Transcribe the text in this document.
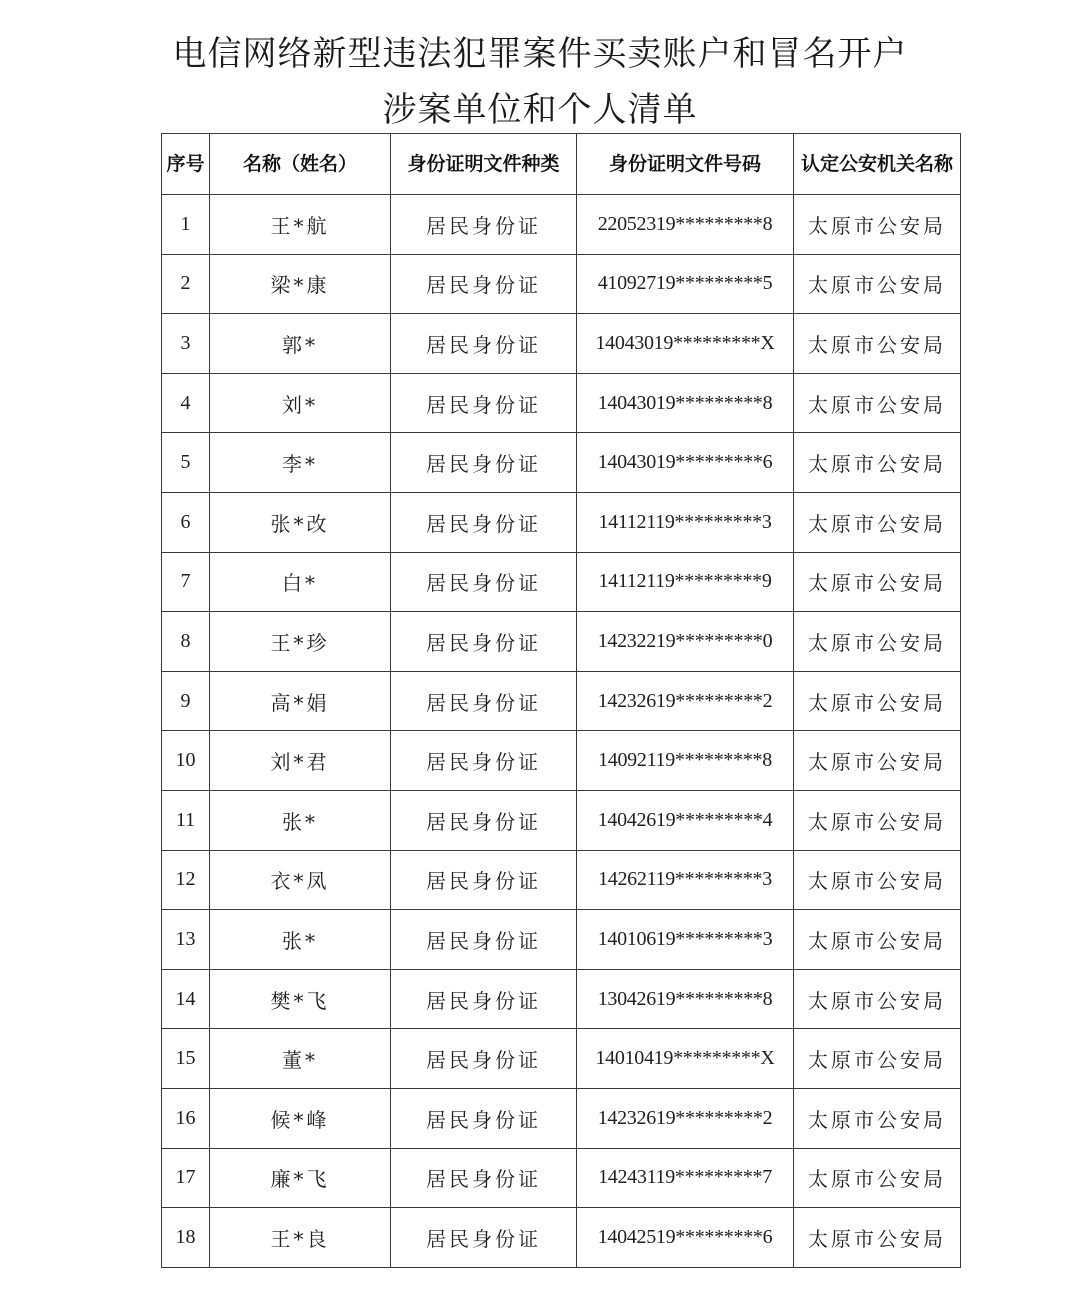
电信网络新型违法犯罪案件买卖账户和冒名开户
涉案单位和个人清单
序号	名称（姓名）	身份证明文件种类	身份证明文件号码	认定公安机关名称
1	王*航	居民身份证	22052319*********8	太原市公安局
2	梁*康	居民身份证	41092719*********5	太原市公安局
3	郭*	居民身份证	14043019*********X	太原市公安局
4	刘*	居民身份证	14043019*********8	太原市公安局
5	李*	居民身份证	14043019*********6	太原市公安局
6	张*改	居民身份证	14112119*********3	太原市公安局
7	白*	居民身份证	14112119*********9	太原市公安局
8	王*珍	居民身份证	14232219*********0	太原市公安局
9	高*娟	居民身份证	14232619*********2	太原市公安局
10	刘*君	居民身份证	14092119*********8	太原市公安局
11	张*	居民身份证	14042619*********4	太原市公安局
12	衣*凤	居民身份证	14262119*********3	太原市公安局
13	张*	居民身份证	14010619*********3	太原市公安局
14	樊*飞	居民身份证	13042619*********8	太原市公安局
15	董*	居民身份证	14010419*********X	太原市公安局
16	候*峰	居民身份证	14232619*********2	太原市公安局
17	廉*飞	居民身份证	14243119*********7	太原市公安局
18	王*良	居民身份证	14042519*********6	太原市公安局
